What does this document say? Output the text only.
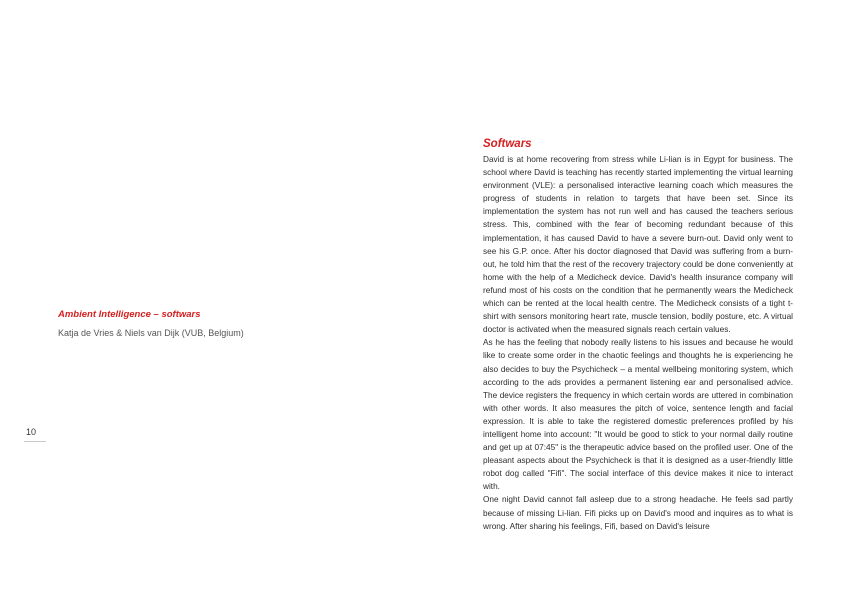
Ambient Intelligence – softwars

Katja de Vries & Niels van Dijk (VUB, Belgium)

10
Softwars

David is at home recovering from stress while Li-lian is in Egypt for business. The school where David is teaching has recently started implementing the virtual learning environment (VLE): a personalised interactive learning coach which measures the progress of students in relation to targets that have been set. Since its implementation the system has not run well and has caused the teachers serious stress. This, combined with the fear of becoming redundant because of this implementation, it has caused David to have a severe burn-out. David only went to see his G.P. once. After his doctor diagnosed that David was suffering from a burn-out, he told him that the rest of the recovery trajectory could be done conveniently at home with the help of a Medicheck device. David's health insurance company will refund most of his costs on the condition that he permanently wears the Medicheck which can be rented at the local health centre. The Medicheck consists of a tight t-shirt with sensors monitoring heart rate, muscle tension, bodily posture, etc. A virtual doctor is activated when the measured signals reach certain values.

As he has the feeling that nobody really listens to his issues and because he would like to create some order in the chaotic feelings and thoughts he is experiencing he also decides to buy the Psychicheck – a mental wellbeing monitoring system, which according to the ads provides a permanent listening ear and personalised advice. The device registers the frequency in which certain words are uttered in combination with other words. It also measures the pitch of voice, sentence length and facial expression. It is able to take the registered domestic preferences profiled by his intelligent home into account: "It would be good to stick to your normal daily routine and get up at 07:45" is the therapeutic advice based on the profiled user. One of the pleasant aspects about the Psychicheck is that it is designed as a user-friendly little robot dog called "Fifi". The social interface of this device makes it nice to interact with.

One night David cannot fall asleep due to a strong headache. He feels sad partly because of missing Li-lian. Fifi picks up on David's mood and inquires as to what is wrong. After sharing his feelings, Fifi, based on David's leisure
